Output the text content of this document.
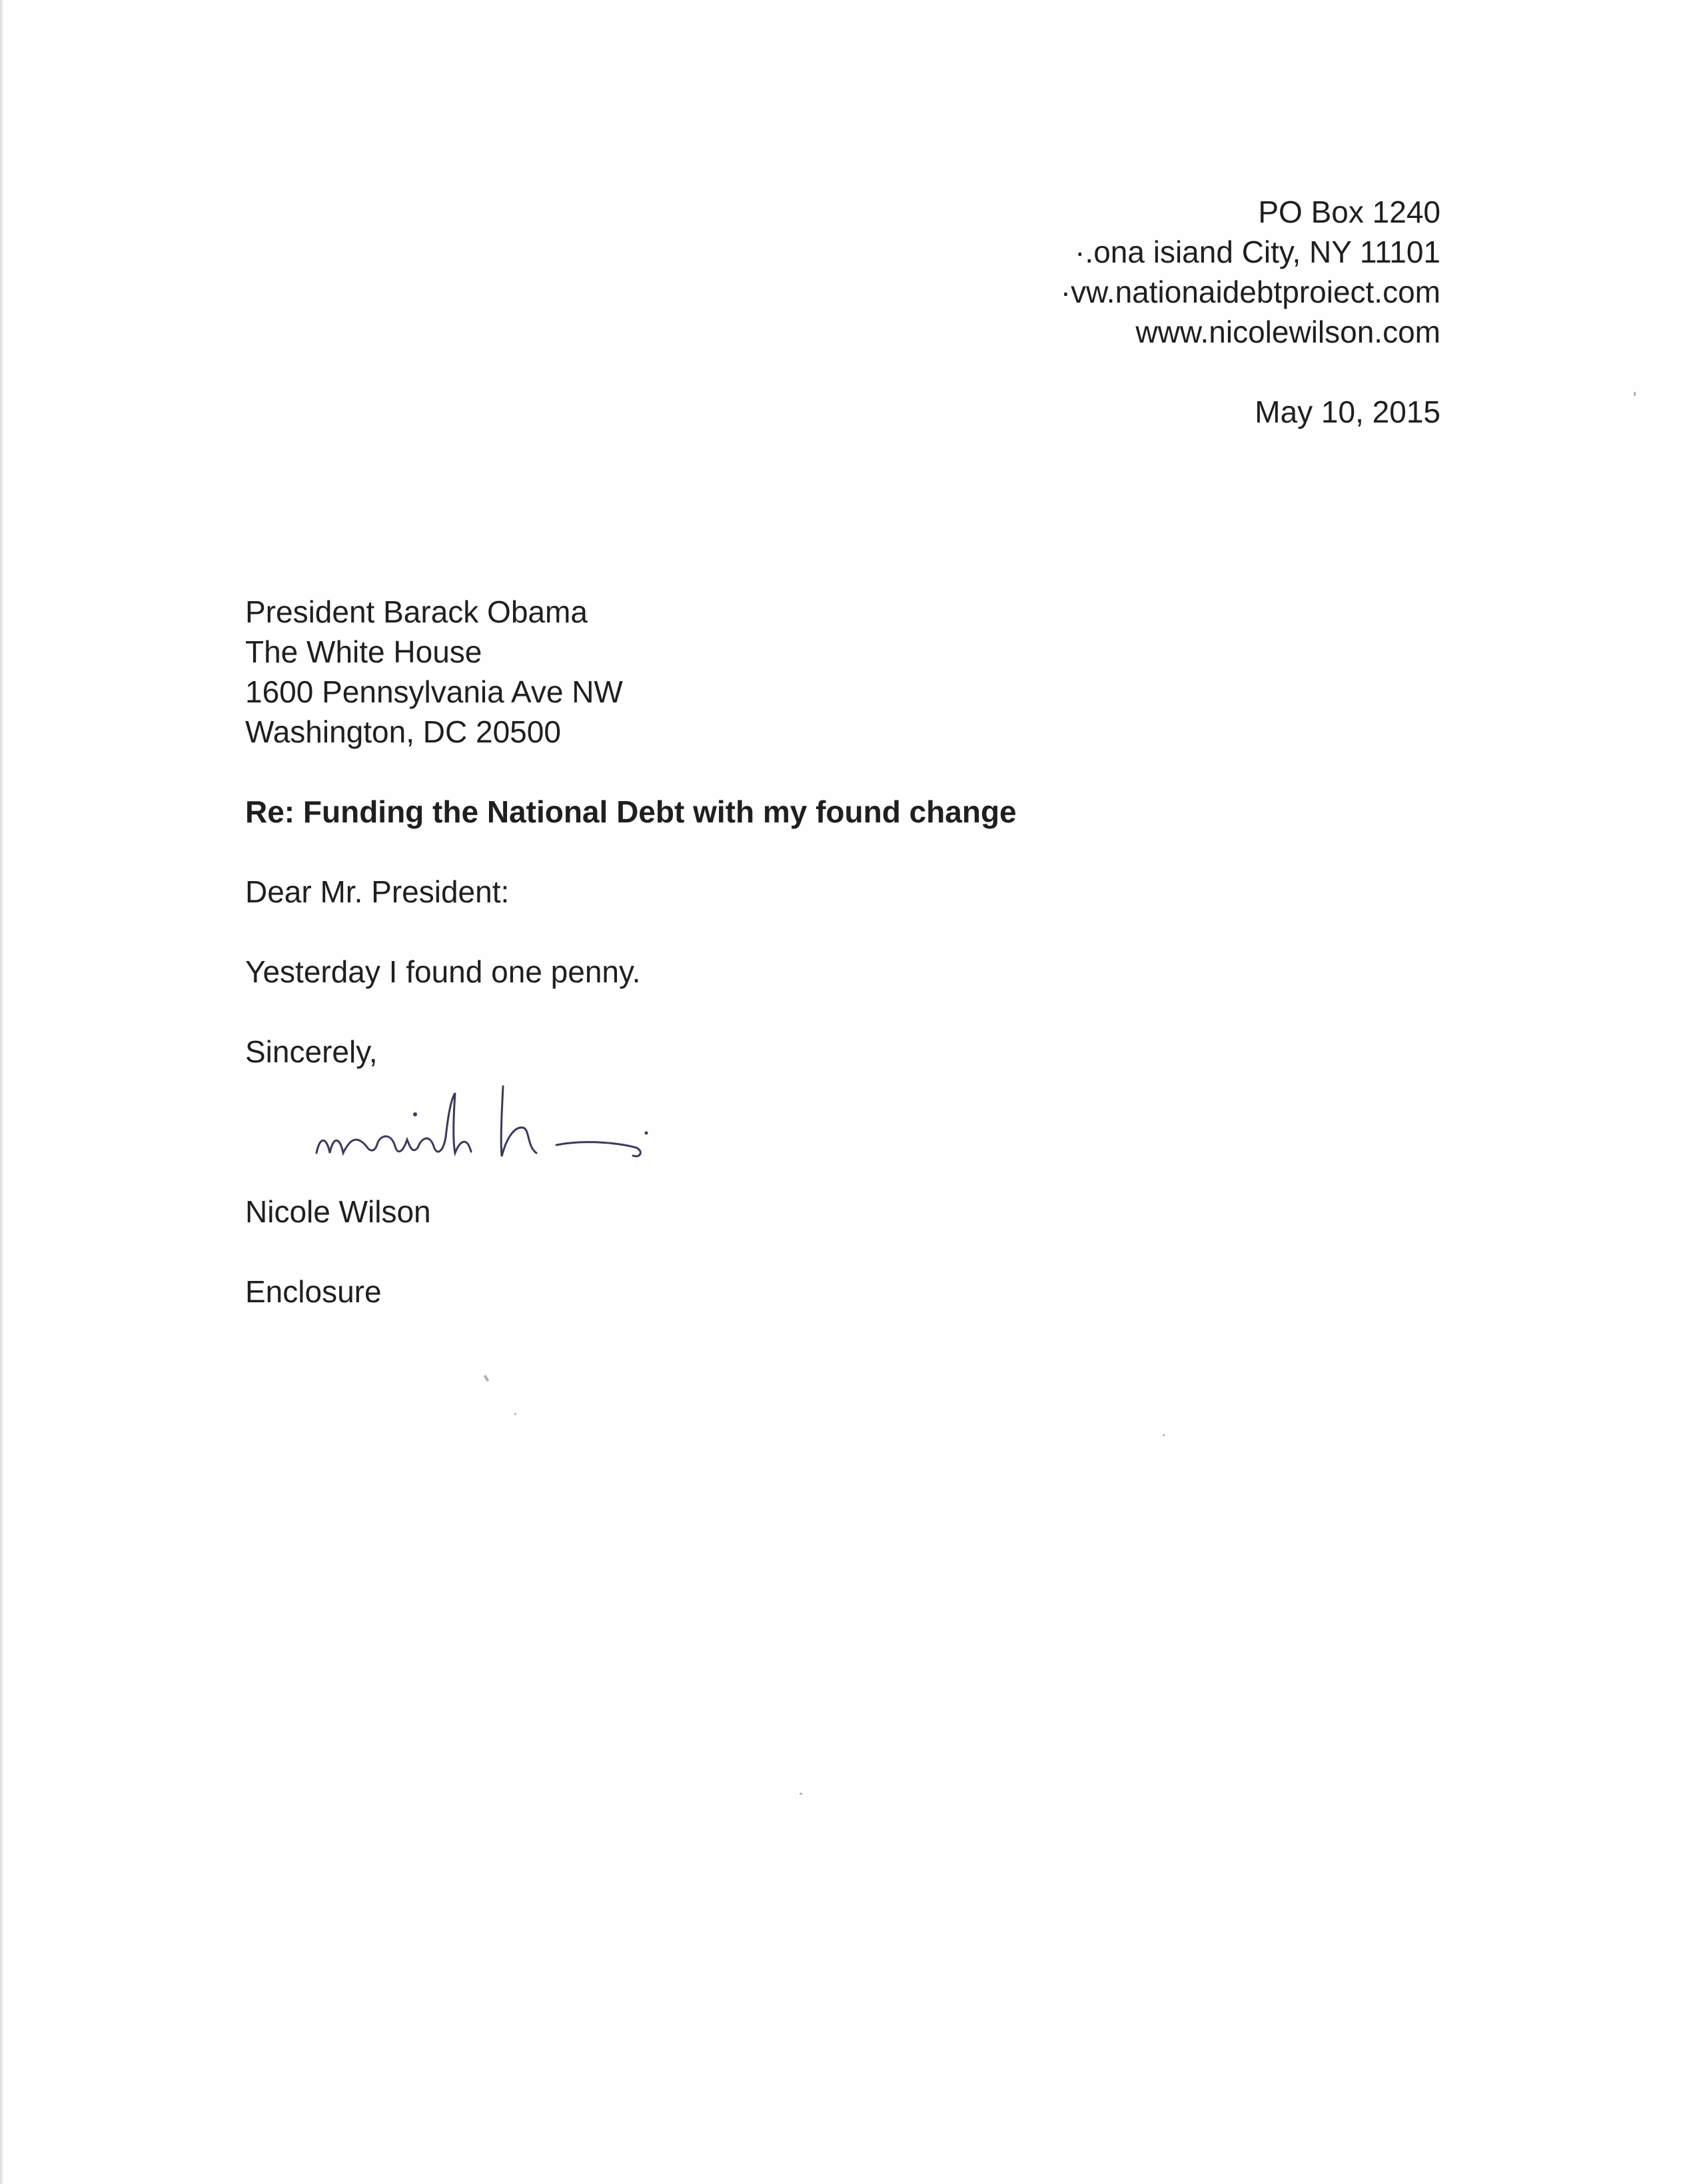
PO Box 1240
·.ona isiand City, NY 11101
·vw.nationaidebtproiect.com
www.nicolewilson.com
May 10, 2015
President Barack Obama
The White House
1600 Pennsylvania Ave NW
Washington, DC 20500
Re: Funding the National Debt with my found change
Dear Mr. President:
Yesterday I found one penny.
Sincerely,
Nicole Wilson
Enclosure
